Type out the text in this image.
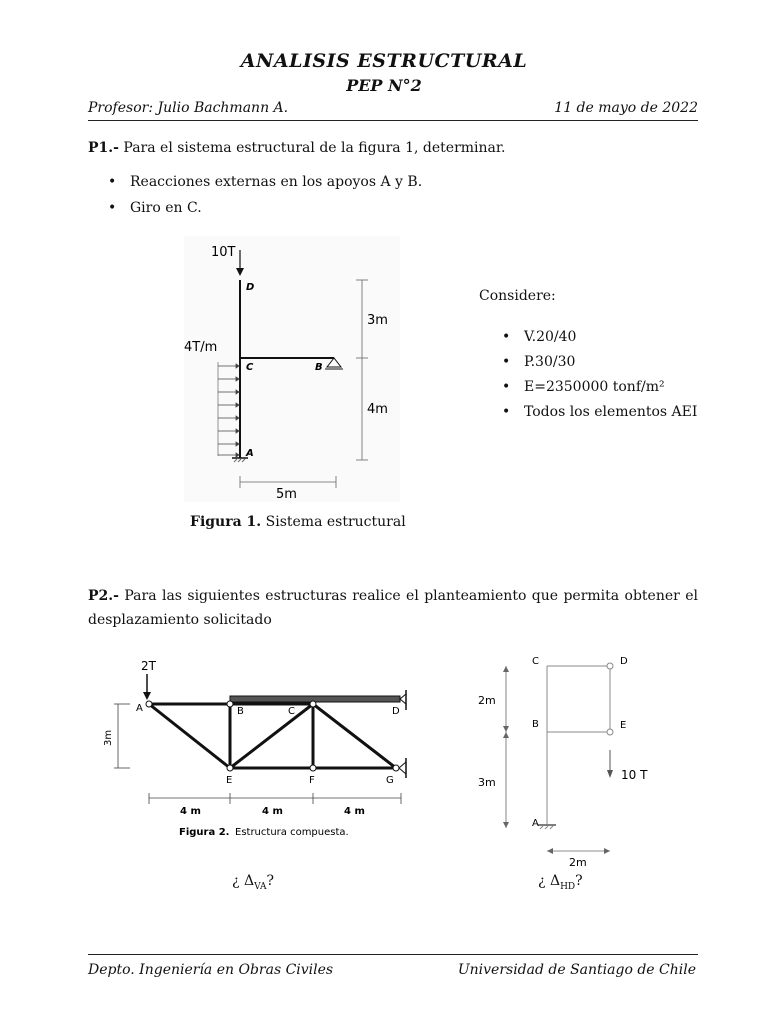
ANALISIS ESTRUCTURAL
PEP N°2
Profesor: Julio Bachmann A.	11 de mayo de 2022
P1.- Para el sistema estructural de la figura 1, determinar.
• Reacciones externas en los apoyos A y B.
• Giro en C.
10T
4T/m
D
C	B
A
3m
4m
5m
Considere:
• V.20/40
• P.30/30
• E=2350000 tonf/m²
• Todos los elementos AEI
Figura 1. Sistema estructural
P2.- Para las siguientes estructuras realice el planteamiento que permita obtener el
desplazamiento solicitado
2T
A	B	C	D
E	F	G
3m
4 m	4 m	4 m
Figura 2. Estructura compuesta.
C	D
B	E
A
10 T
2m
3m
2m
¿ $\Delta_{VA}$?	¿ $\Delta_{HD}$?
Depto. Ingeniería en Obras Civiles	Universidad de Santiago de Chile
